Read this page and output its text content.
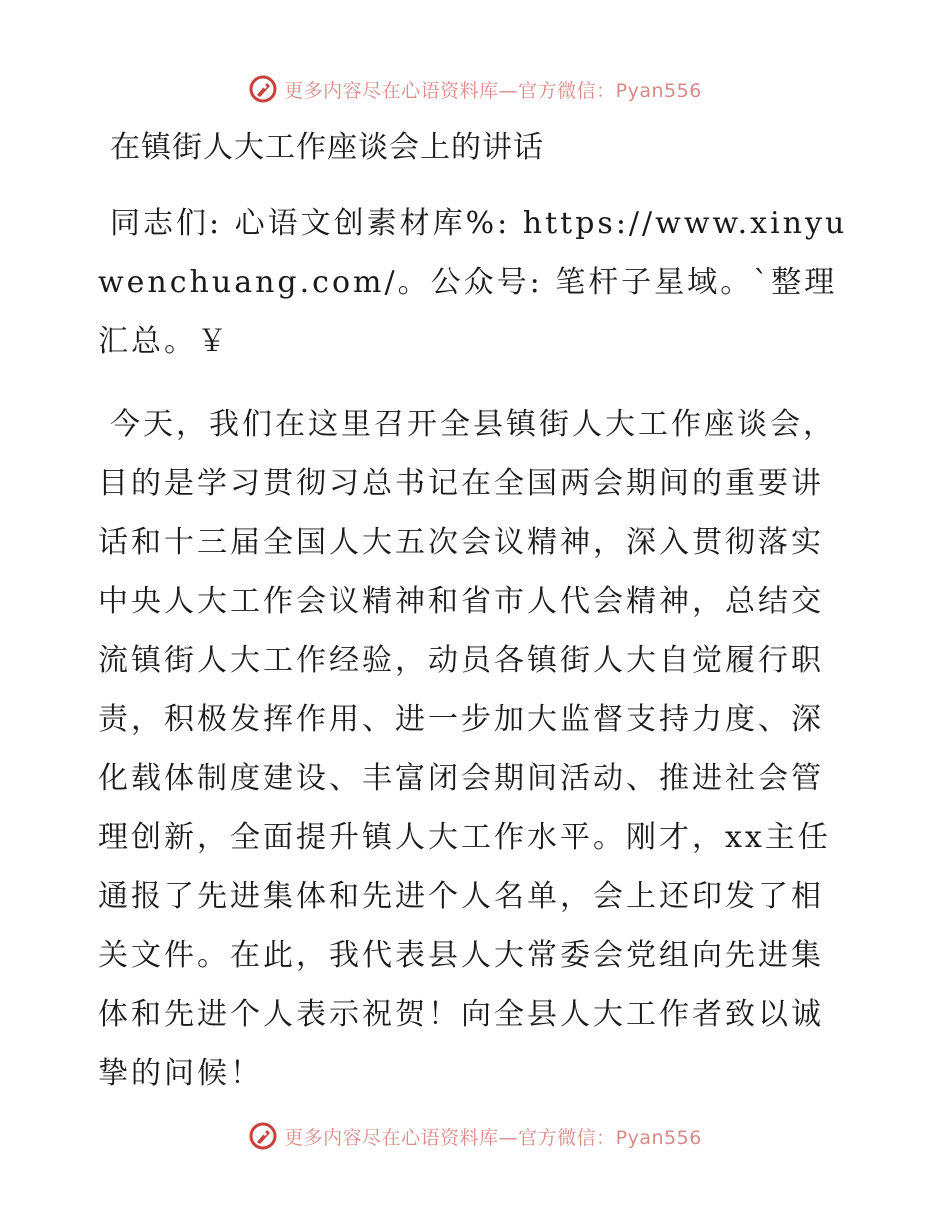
更多内容尽在心语资料库—官方微信：Pyan556
在镇街人大工作座谈会上的讲话

同志们: 心语文创素材库%: https://www.xinyuwenchuang.com/。公众号: 笔杆子星域。`整理汇总。￥

今天，我们在这里召开全县镇街人大工作座谈会，目的是学习贯彻习总书记在全国两会期间的重要讲话和十三届全国人大五次会议精神，深入贯彻落实中央人大工作会议精神和省市人代会精神，总结交流镇街人大工作经验，动员各镇街人大自觉履行职责，积极发挥作用、进一步加大监督支持力度、深化载体制度建设、丰富闭会期间活动、推进社会管理创新，全面提升镇人大工作水平。刚才，xx主任通报了先进集体和先进个人名单，会上还印发了相关文件。在此，我代表县人大常委会党组向先进集体和先进个人表示祝贺！向全县人大工作者致以诚挚的问候！

更多内容尽在心语资料库—官方微信：Pyan556
